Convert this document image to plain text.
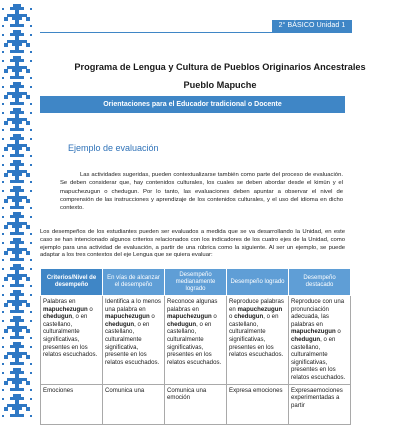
2° BÁSICO Unidad 1
Programa de Lengua y Cultura de Pueblos Originarios Ancestrales
Pueblo Mapuche
Orientaciones para el Educador tradicional o Docente
Ejemplo de evaluación

Las actividades sugeridas, pueden contextualizarse también como parte del proceso de evaluación. Se deben considerar que, hay contenidos culturales, los cuales se deben abordar desde el kimün y el mapuchezugun o chedugun. Por lo tanto, las evaluaciones deben apuntar a observar el nivel de comprensión de las instrucciones y aprendizaje de los contenidos culturales, y el uso del idioma en dicho contexto.

Los desempeños de los estudiantes pueden ser evaluados a medida que se va desarrollando la Unidad, en este caso se han intencionado algunos criterios relacionados con los indicadores de los cuatro ejes de la Unidad, como ejemplo para una actividad de evaluación, a partir de una rúbrica como la siguiente. Al ser un ejemplo, se puede adaptar a los tres contextos del eje Lengua que se quiera evaluar:

Criterios/Nivel de desempeño	En vías de alcanzar el desempeño	Desempeño medianamente logrado	Desempeño logrado	Desempeño destacado
Palabras en mapuchezugun o chedugun, o en castellano, culturalmente significativas, presentes en los relatos escuchados.	Identifica a lo menos una palabra en mapuchezugun o chedugun, o en castellano, culturalmente significativa, presente en los relatos escuchados.	Reconoce algunas palabras en mapuchezugun o chedugun, o en castellano, culturalmente significativas, presentes en los relatos escuchados.	Reproduce palabras en mapuchezugun o chedugun, o en castellano, culturalmente significativas, presentes en los relatos escuchados.	Reproduce con una pronunciación adecuada, las palabras en mapuchezugun o chedugun, o en castellano, culturalmente significativas, presentes en los relatos escuchados.
Emociones	Comunica una	Comunica una emoción	Expresa emociones	Expresaemociones experimentadas a partir
